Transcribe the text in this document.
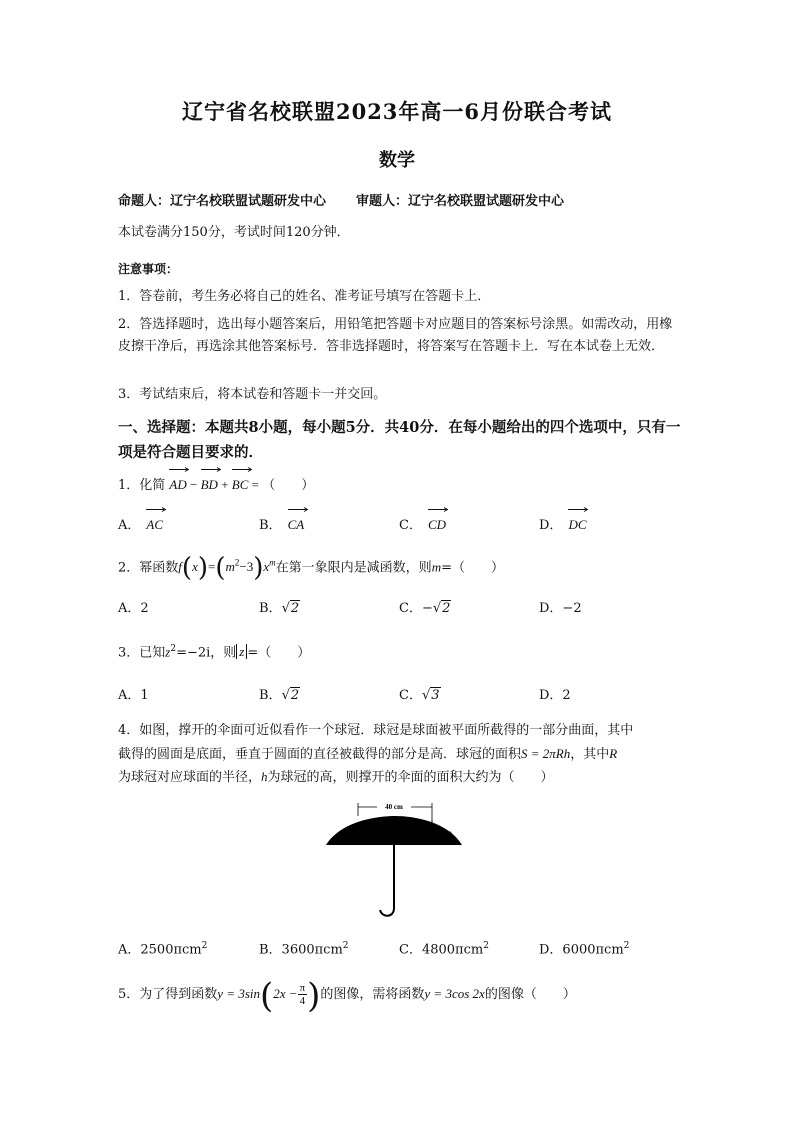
辽宁省名校联盟2023年高一6月份联合考试
数学
命题人：辽宁名校联盟试题研发中心 审题人：辽宁名校联盟试题研发中心
本试卷满分150分，考试时间120分钟．
注意事项：
1．答卷前，考生务必将自己的姓名、准考证号填写在答题卡上．
2．答选择题时，选出每小题答案后，用铅笔把答题卡对应题目的答案标号涂黑。如需改动，用橡皮擦干净后，再选涂其他答案标号．答非选择题时，将答案写在答题卡上．写在本试卷上无效．
3．考试结束后，将本试卷和答题卡一并交回。
一、选择题：本题共8小题，每小题5分．共40分．在每小题给出的四个选项中，只有一项是符合题目要求的．
1．化简 AD − BD + BC = （　　）
A． AC	B． CA	C． CD	D． DC
2．幂函数$f(x)=(m^2-3)x^m$在第一象限内是减函数，则m=（　　）
A．2	B．√2	C．−√2	D．−2
3．已知$z^2=-2i$，则 z =（　　）
A．1	B．√2	C．√3	D．2
4．如图，撑开的伞面可近似看作一个球冠．球冠是球面被平面所截得的一部分曲面，其中
截得的圆面是底面，垂直于圆面的直径被截得的部分是高．球冠的面积S = 2πRh，其中R
为球冠对应球面的半径，h为球冠的高，则撑开的伞面的面积大约为（　　）
40 cm
30 cm
A．2500πcm$^2$	B．3600πcm$^2$	C．4800πcm$^2$	D．6000πcm$^2$
5．为了得到函数$y = 3\sin(2x - \frac{\pi}{4}$ )的图像，需将函数y = 3cos 2x的图像（　　）
